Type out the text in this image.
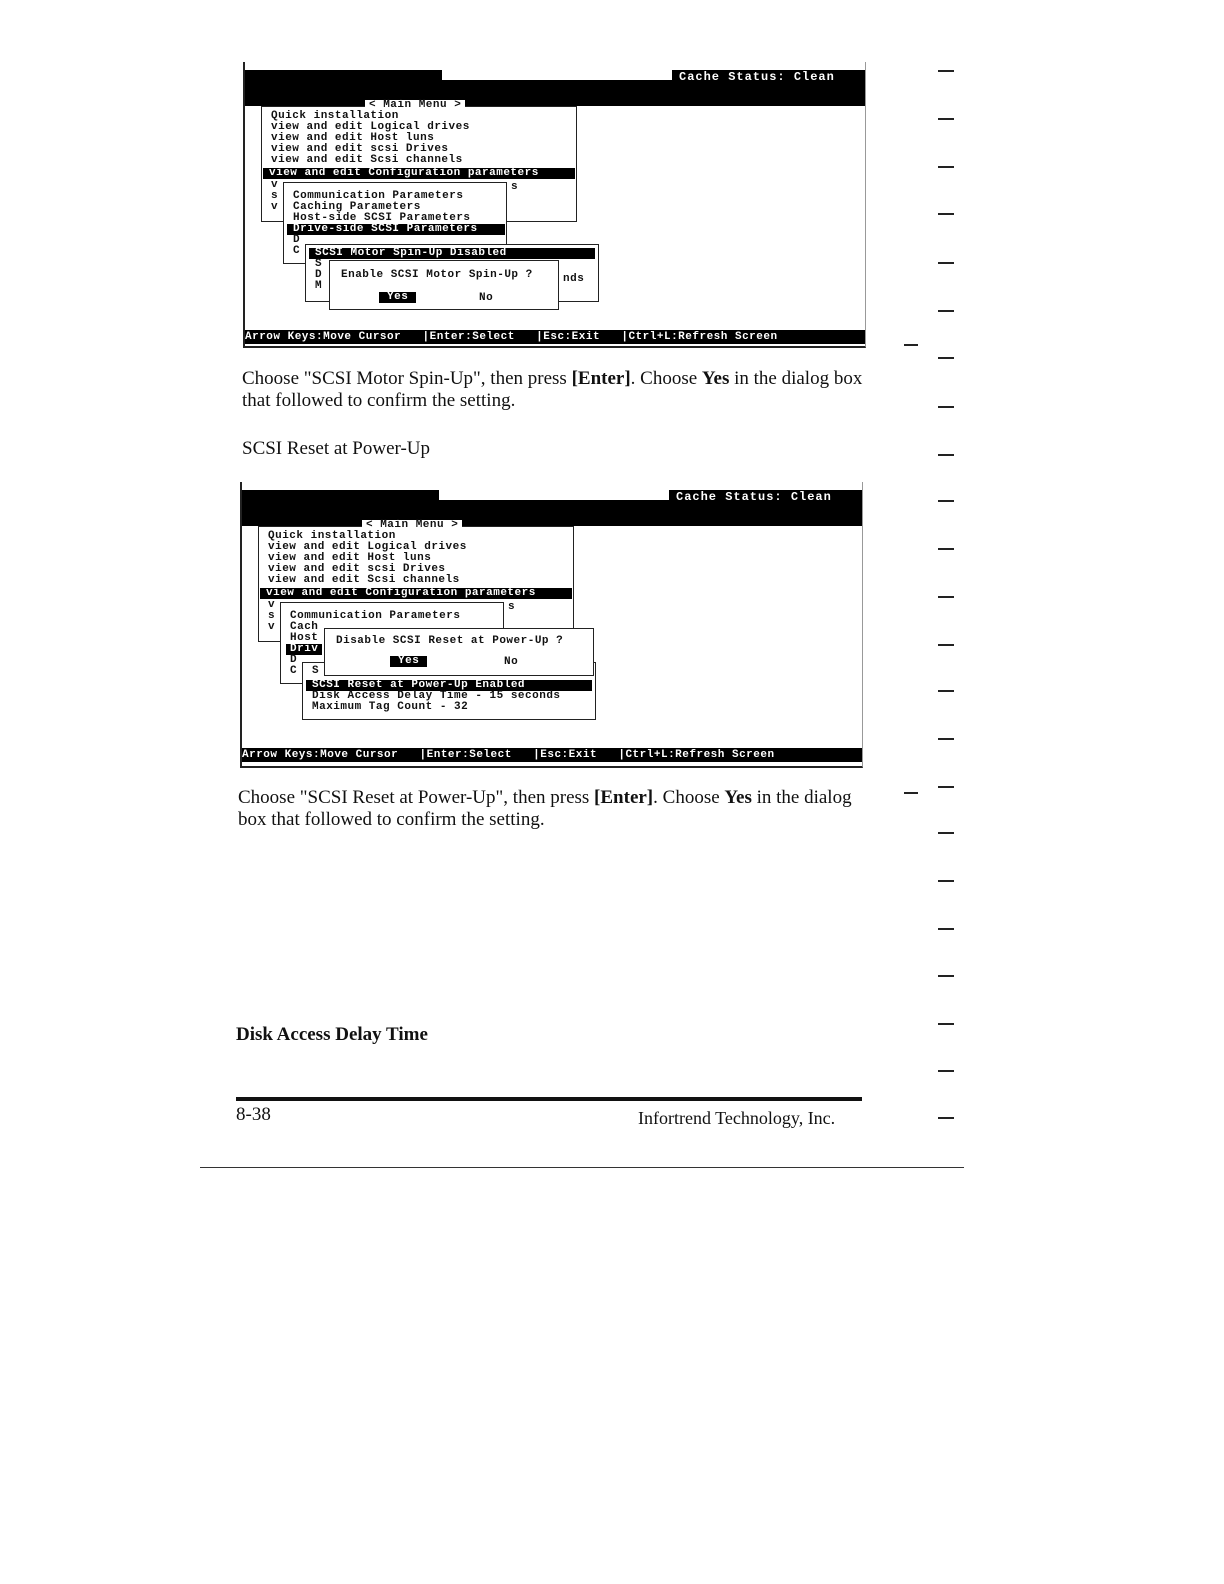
Cache Status: Clean
< Main Menu >
Quick installation
view and edit Logical drives
view and edit Host luns
view and edit scsi Drives
view and edit Scsi channels
view and edit Configuration parameters
v
s
v
s
Communication Parameters
Caching Parameters
Host-side SCSI Parameters
Drive-side SCSI Parameters
D
C	SCSI Motor Spin-Up Disabled
S
D
M
nds
Enable SCSI Motor Spin-Up ?
Yes	No
Arrow Keys:Move Cursor   |Enter:Select   |Esc:Exit   |Ctrl+L:Refresh Screen
Choose "SCSI Motor Spin-Up", then press [Enter]. Choose Yes in the dialog box that followed to confirm the setting.
SCSI Reset at Power-Up
Cache Status: Clean
< Main Menu >
Quick installation
view and edit Logical drives
view and edit Host luns
view and edit scsi Drives
view and edit Scsi channels
view and edit Configuration parameters
v
s
v
s
Communication Parameters
Cach
Host
Driv
D
C S
SCSI Reset at Power-Up Enabled
Disk Access Delay Time - 15 seconds
Maximum Tag Count - 32
Disable SCSI Reset at Power-Up ?
Yes	No
Arrow Keys:Move Cursor   |Enter:Select   |Esc:Exit   |Ctrl+L:Refresh Screen
Choose "SCSI Reset at Power-Up", then press [Enter]. Choose Yes in the dialog box that followed to confirm the setting.
Disk Access Delay Time
8-38	Infortrend Technology, Inc.
